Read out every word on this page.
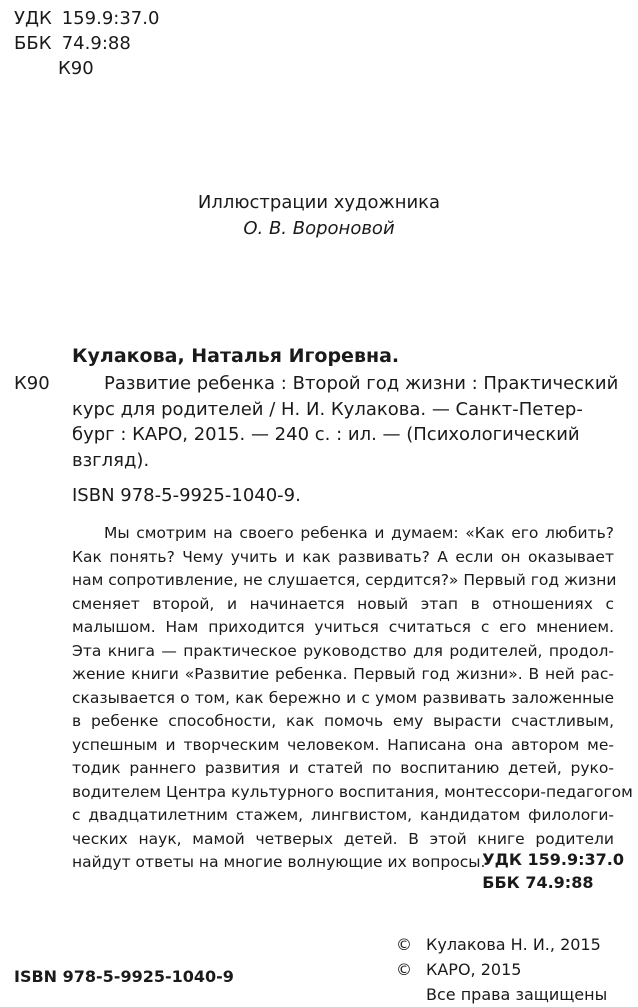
УДК 159.9:37.0
ББК 74.9:88
К90
Иллюстрации художника
О. В. Вороновой
Кулакова, Наталья Игоревна.
К90	Развитие ребенка : Второй год жизни : Практический
курс для родителей / Н. И. Кулакова. — Санкт-Петер-
бург : КАРО, 2015. — 240 с. : ил. — (Психологический
взгляд).
ISBN 978-5-9925-1040-9.
Мы смотрим на своего ребенка и думаем: «Как его любить?
Как понять? Чему учить и как развивать? А если он оказывает
нам сопротивление, не слушается, сердится?» Первый год жизни
сменяет второй, и начинается новый этап в отношениях с
малышом. Нам приходится учиться считаться с его мнением.
Эта книга — практическое руководство для родителей, продол-
жение книги «Развитие ребенка. Первый год жизни». В ней рас-
сказывается о том, как бережно и с умом развивать заложенные
в ребенке способности, как помочь ему вырасти счастливым,
успешным и творческим человеком. Написана она автором ме-
тодик раннего развития и статей по воспитанию детей, руко-
водителем Центра культурного воспитания, монтессори-педагогом
с двадцатилетним стажем, лингвистом, кандидатом филологи-
ческих наук, мамой четверых детей. В этой книге родители
найдут ответы на многие волнующие их вопросы.
УДК 159.9:37.0
ББК 74.9:88
© Кулакова Н. И., 2015
© КАРО, 2015
Все права защищены
ISBN 978-5-9925-1040-9
